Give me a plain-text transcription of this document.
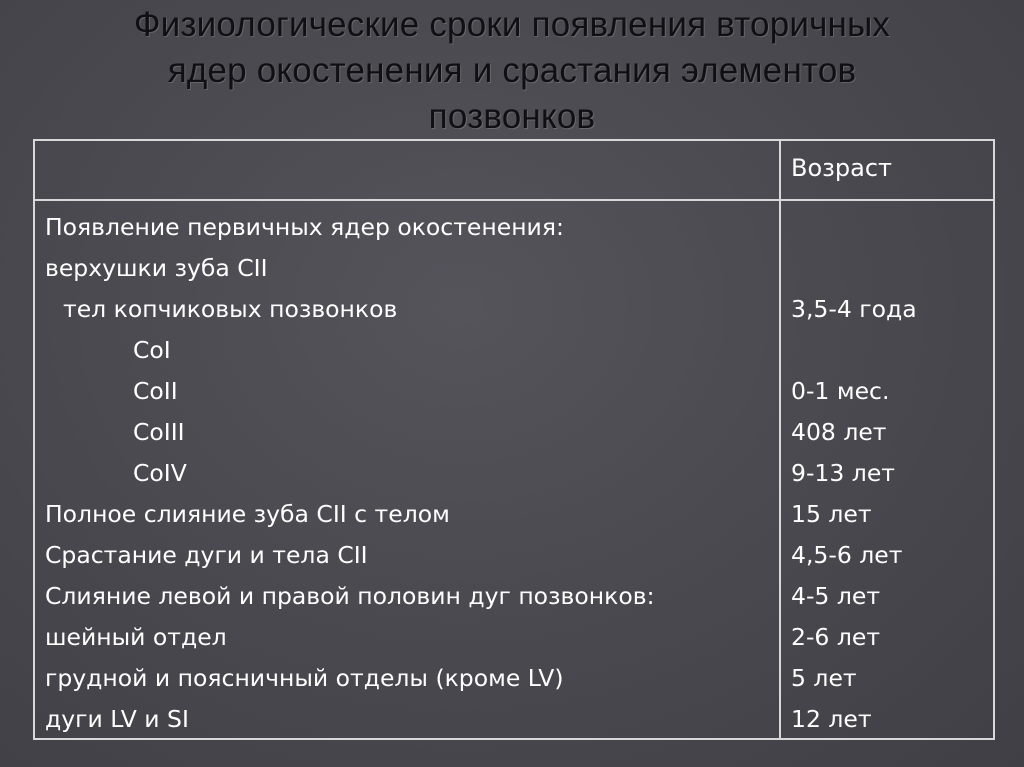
Физиологические сроки появления вторичных
ядер окостенения и срастания элементов
позвонков
Возраст
Появление первичных ядер окостенения:
верхушки зуба CII
тел копчиковых позвонков
CoI
CoII
CoIII
CoIV
Полное слияние зуба CII с телом
Срастание дуги и тела CII
Слияние левой и правой половин дуг позвонков:
шейный отдел
грудной и поясничный отделы (кроме LV)
дуги LV и SI
3,5-4 года
0-1 мес.
408 лет
9-13 лет
15 лет
4,5-6 лет
4-5 лет
2-6 лет
5 лет
12 лет
